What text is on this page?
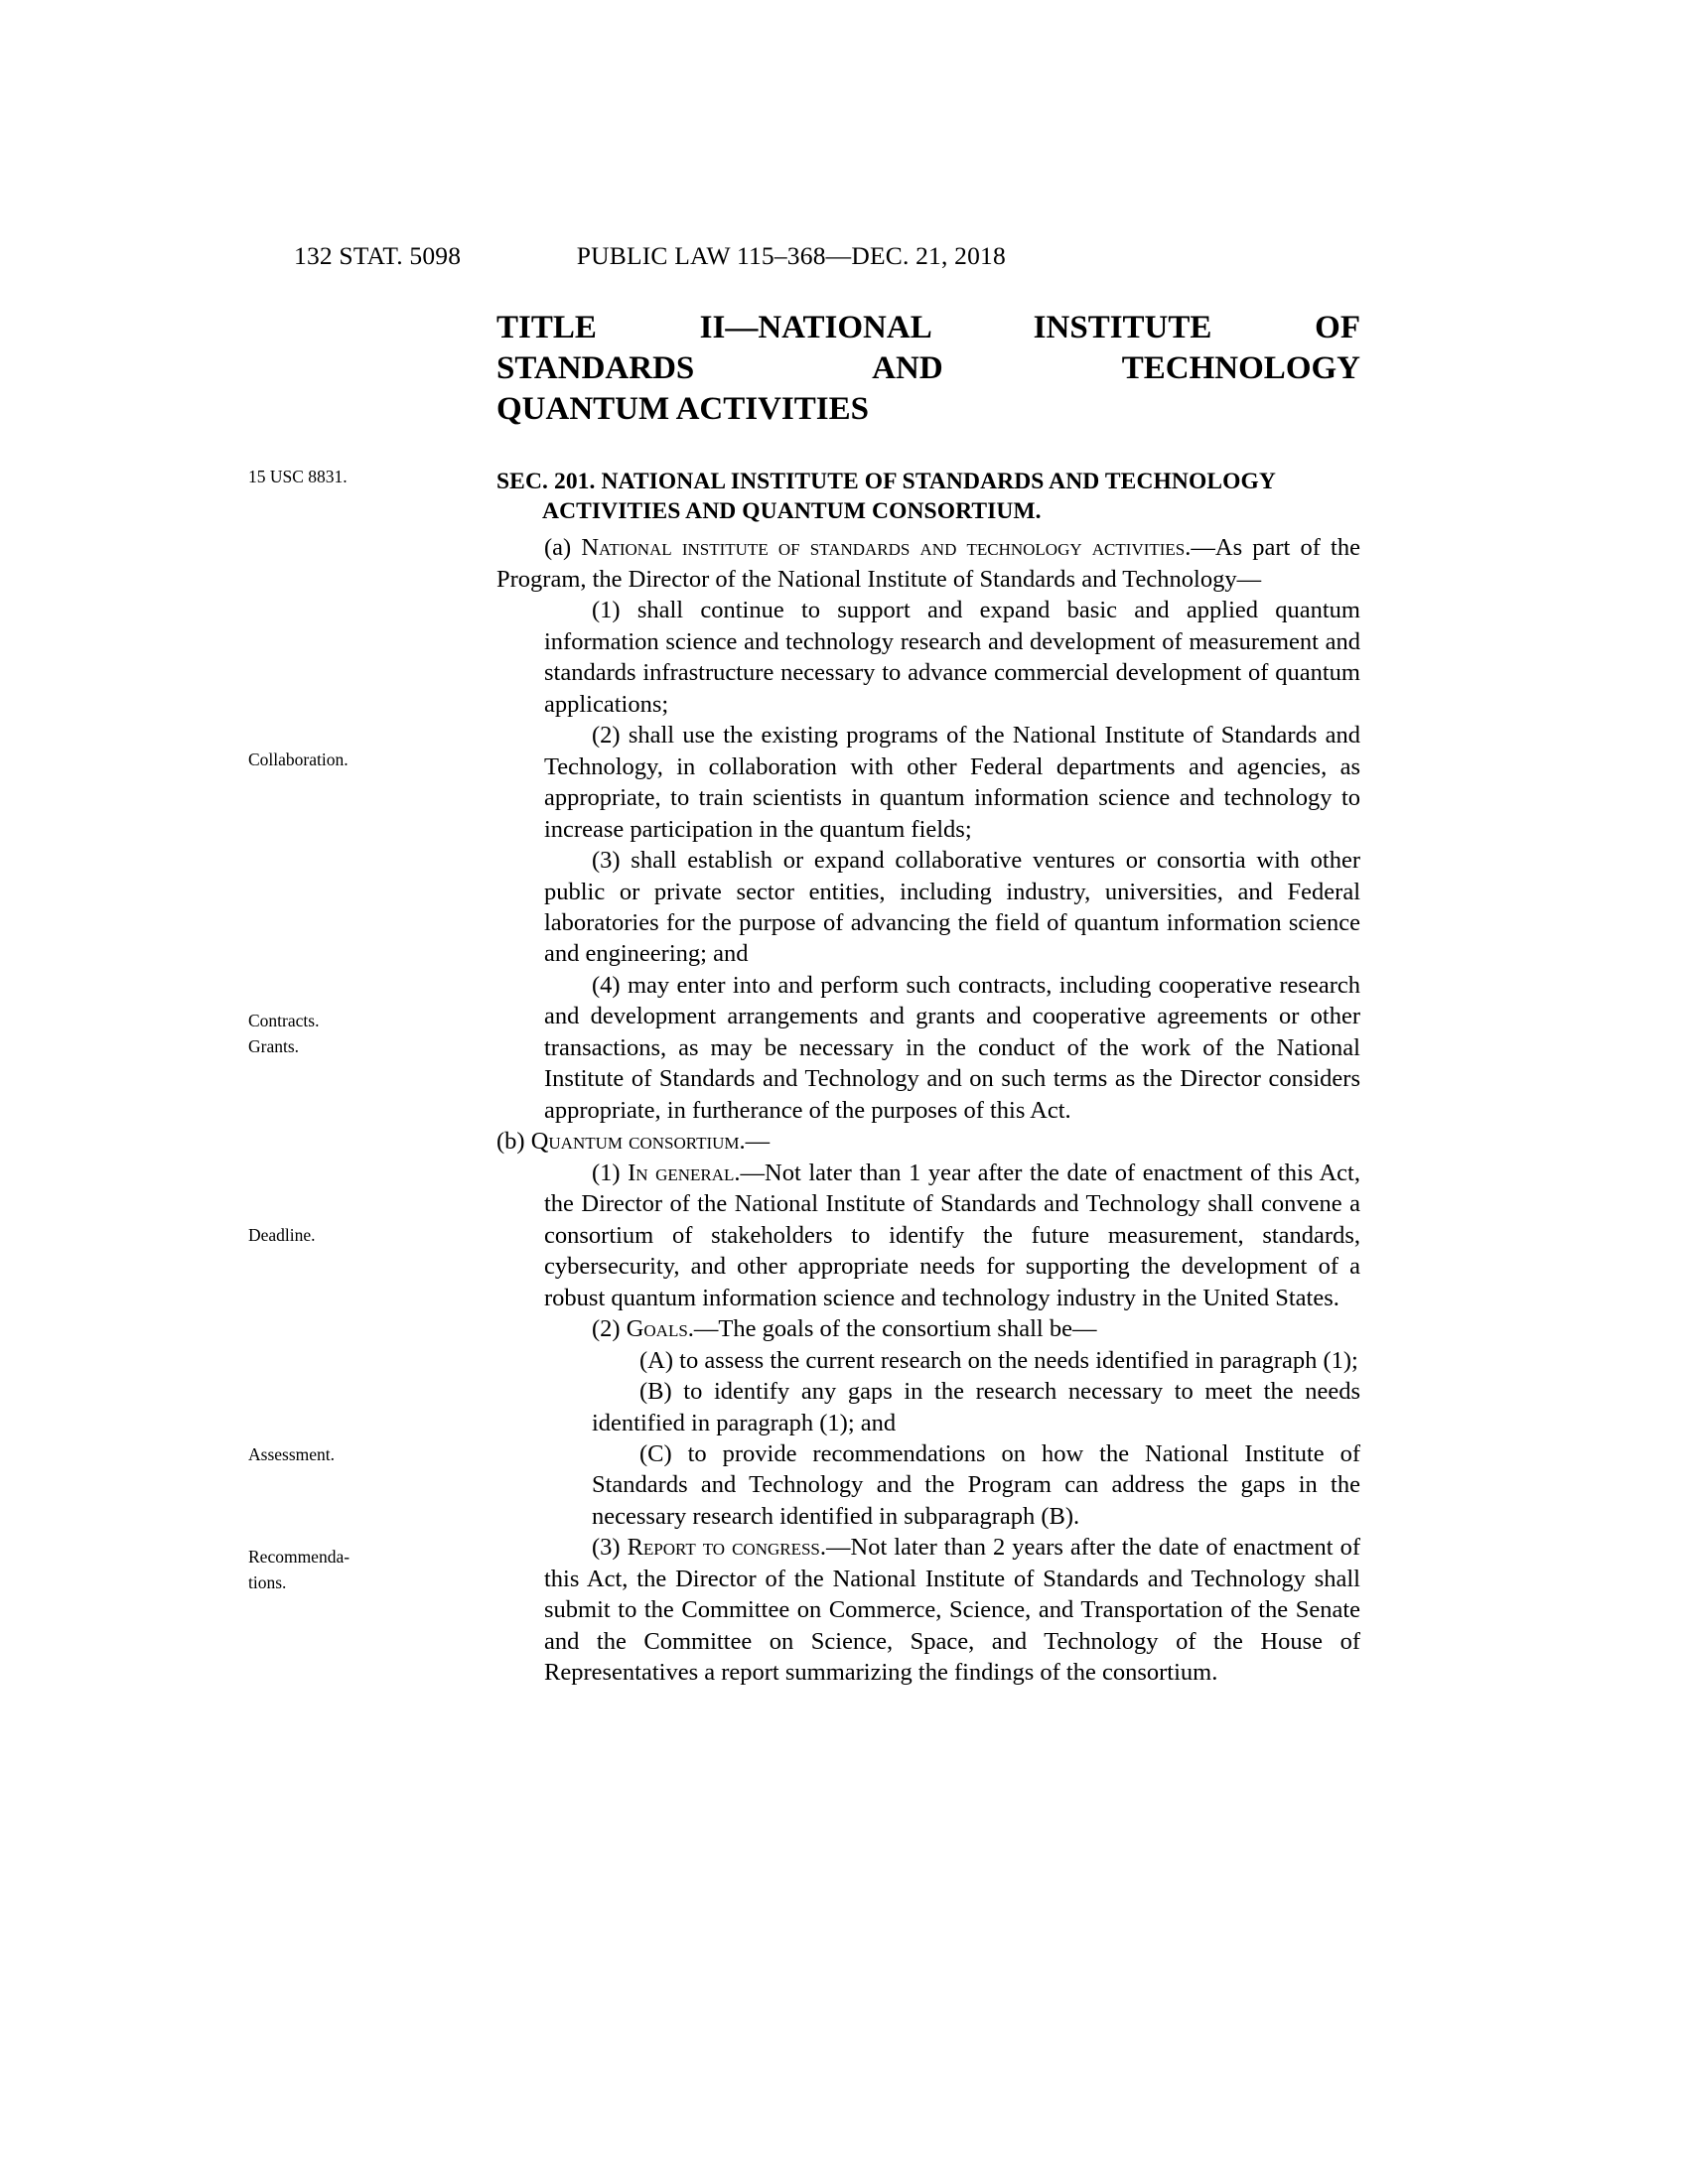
132 STAT. 5098	PUBLIC LAW 115–368—DEC. 21, 2018
TITLE II—NATIONAL INSTITUTE OF
STANDARDS AND TECHNOLOGY
QUANTUM ACTIVITIES
15 USC 8831.
Collaboration.
Contracts.
Grants.
Deadline.
Assessment.
Recommenda-
tions.
SEC. 201. NATIONAL INSTITUTE OF STANDARDS AND TECHNOLOGY
ACTIVITIES AND QUANTUM CONSORTIUM.

(a) National institute of standards and technology activities.—As part of the Program, the Director of the National Institute of Standards and Technology—

(1) shall continue to support and expand basic and applied quantum information science and technology research and development of measurement and standards infrastructure necessary to advance commercial development of quantum applications;

(2) shall use the existing programs of the National Institute of Standards and Technology, in collaboration with other Federal departments and agencies, as appropriate, to train scientists in quantum information science and technology to increase participation in the quantum fields;

(3) shall establish or expand collaborative ventures or consortia with other public or private sector entities, including industry, universities, and Federal laboratories for the purpose of advancing the field of quantum information science and engineering; and

(4) may enter into and perform such contracts, including cooperative research and development arrangements and grants and cooperative agreements or other transactions, as may be necessary in the conduct of the work of the National Institute of Standards and Technology and on such terms as the Director considers appropriate, in furtherance of the purposes of this Act.

(b) Quantum consortium.—

(1) In general.—Not later than 1 year after the date of enactment of this Act, the Director of the National Institute of Standards and Technology shall convene a consortium of stakeholders to identify the future measurement, standards, cybersecurity, and other appropriate needs for supporting the development of a robust quantum information science and technology industry in the United States.

(2) Goals.—The goals of the consortium shall be—

(A) to assess the current research on the needs identified in paragraph (1);

(B) to identify any gaps in the research necessary to meet the needs identified in paragraph (1); and

(C) to provide recommendations on how the National Institute of Standards and Technology and the Program can address the gaps in the necessary research identified in subparagraph (B).

(3) Report to congress.—Not later than 2 years after the date of enactment of this Act, the Director of the National Institute of Standards and Technology shall submit to the Committee on Commerce, Science, and Transportation of the Senate and the Committee on Science, Space, and Technology of the House of Representatives a report summarizing the findings of the consortium.
